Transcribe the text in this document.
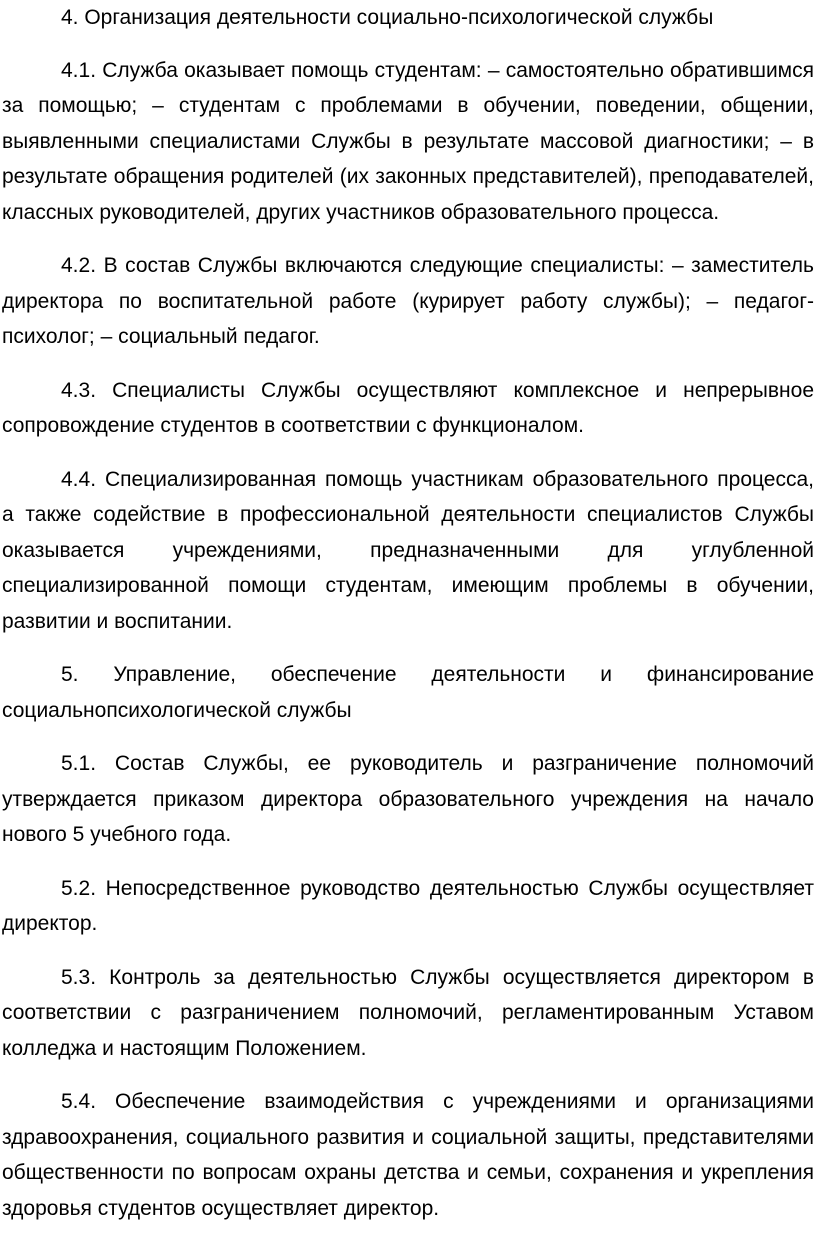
4. Организация деятельности социально-психологической службы

4.1. Служба оказывает помощь студентам: – самостоятельно обратившимся за помощью; – студентам с проблемами в обучении, поведении, общении, выявленными специалистами Службы в результате массовой диагностики; – в результате обращения родителей (их законных представителей), преподавателей, классных руководителей, других участников образовательного процесса.

4.2. В состав Службы включаются следующие специалисты: – заместитель директора по воспитательной работе (курирует работу службы); – педагог-психолог; – социальный педагог.

4.3. Специалисты Службы осуществляют комплексное и непрерывное сопровождение студентов в соответствии с функционалом.

4.4. Специализированная помощь участникам образовательного процесса, а также содействие в профессиональной деятельности специалистов Службы оказывается учреждениями, предназначенными для углубленной специализированной помощи студентам, имеющим проблемы в обучении, развитии и воспитании.

5. Управление, обеспечение деятельности и финансирование социальнопсихологической службы

5.1. Состав Службы, ее руководитель и разграничение полномочий утверждается приказом директора образовательного учреждения на начало нового 5 учебного года.

5.2. Непосредственное руководство деятельностью Службы осуществляет директор.

5.3. Контроль за деятельностью Службы осуществляется директором в соответствии с разграничением полномочий, регламентированным Уставом колледжа и настоящим Положением.

5.4. Обеспечение взаимодействия с учреждениями и организациями здравоохранения, социального развития и социальной защиты, представителями общественности по вопросам охраны детства и семьи, сохранения и укрепления здоровья студентов осуществляет директор.
